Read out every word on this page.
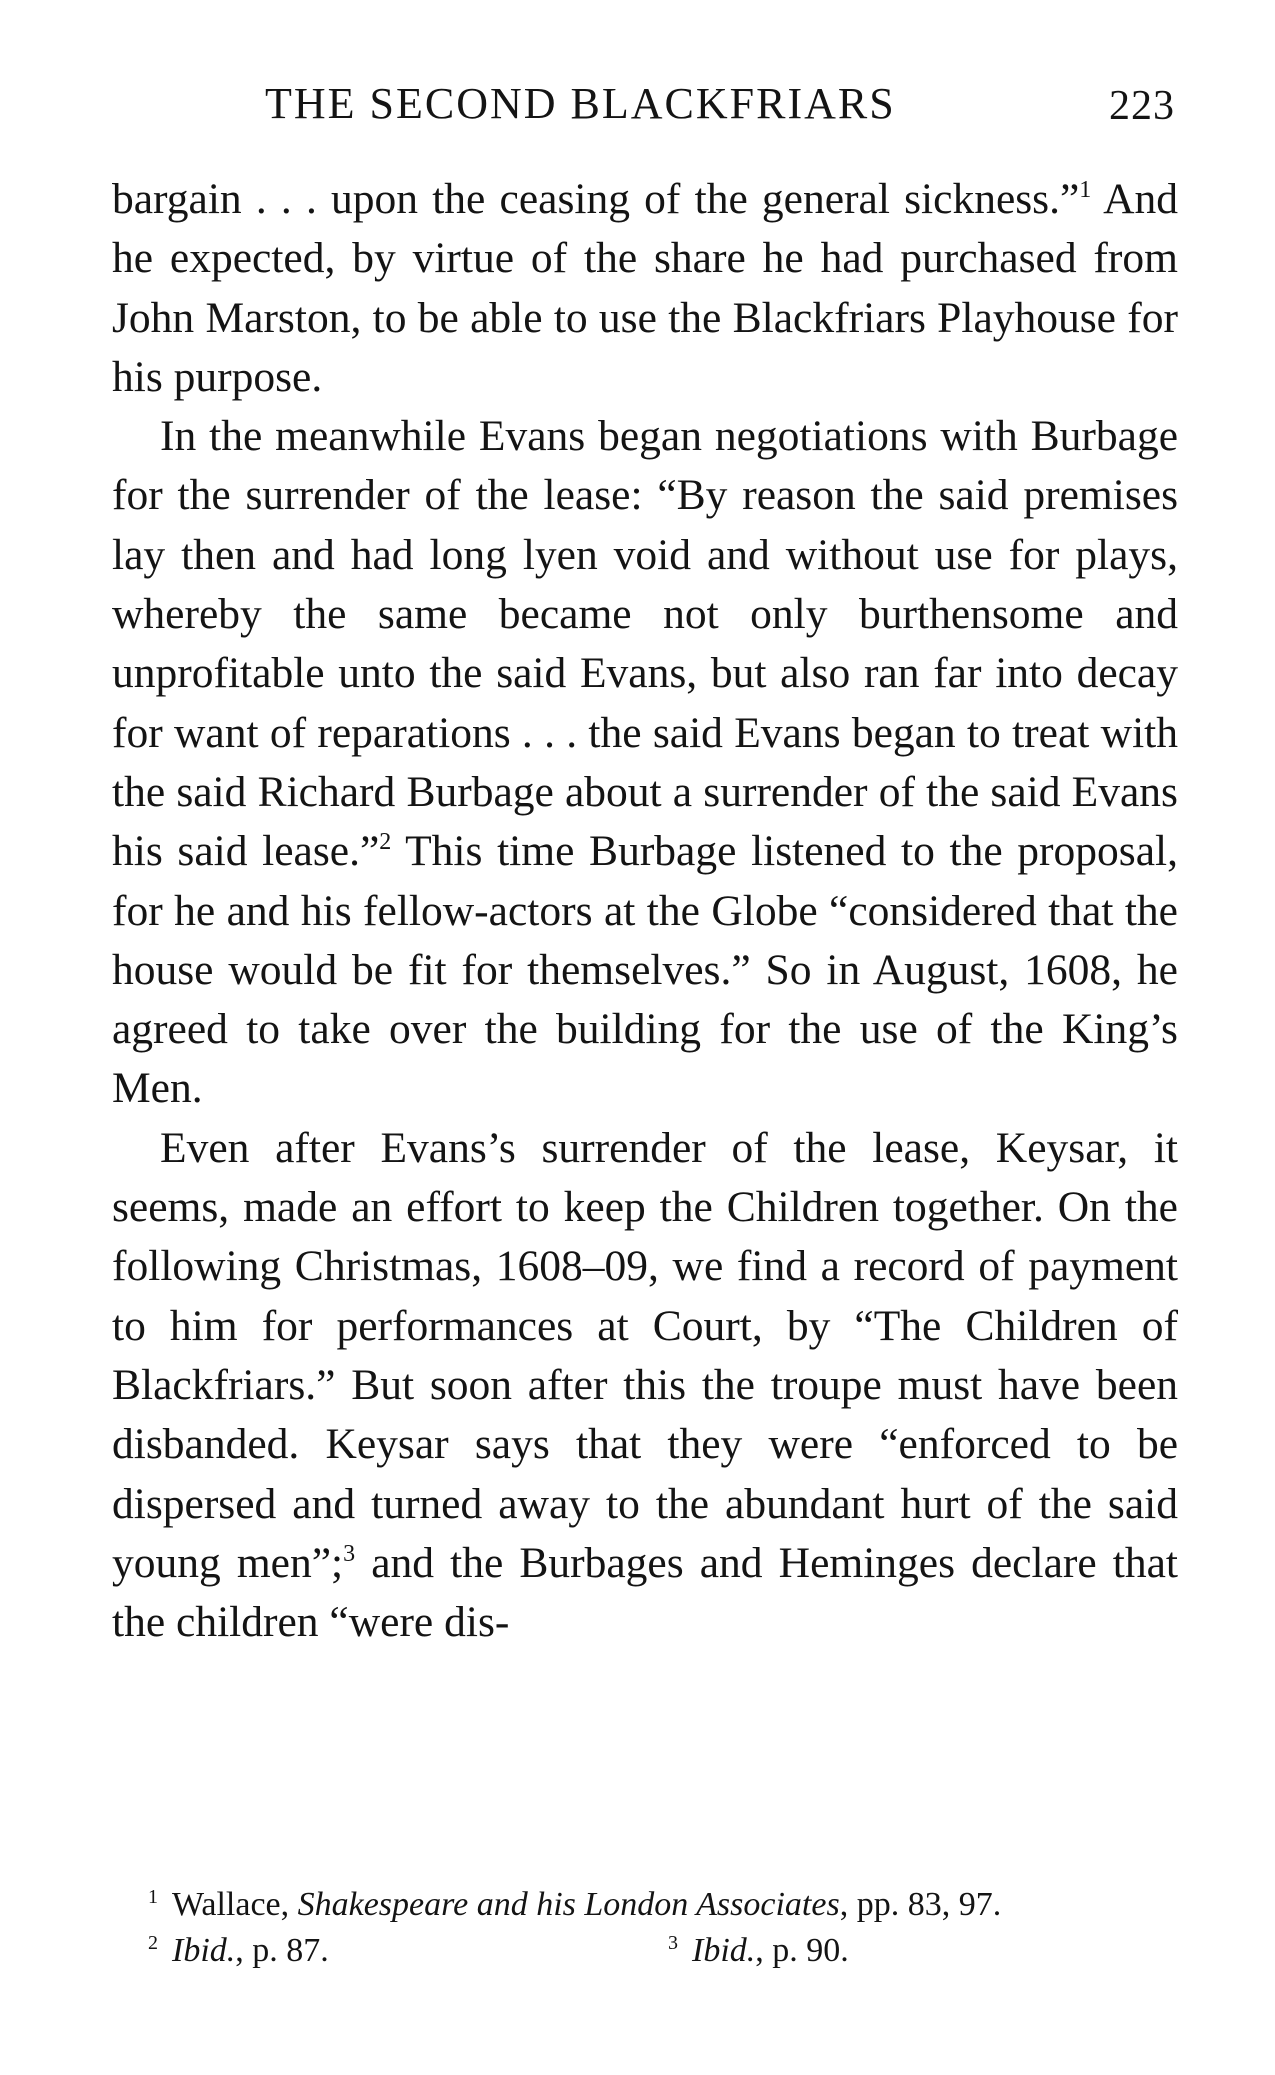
THE SECOND BLACKFRIARS	223

bargain . . . upon the ceasing of the general sickness.”$^1$ And he expected, by virtue of the share he had purchased from John Marston, to be able to use the Blackfriars Playhouse for his purpose.

In the meanwhile Evans began negotiations with Burbage for the surrender of the lease: “By reason the said premises lay then and had long lyen void and without use for plays, whereby the same became not only burthensome and unprofitable unto the said Evans, but also ran far into decay for want of reparations . . . the said Evans began to treat with the said Richard Burbage about a surrender of the said Evans his said lease.”$^2$ This time Burbage listened to the proposal, for he and his fellow-actors at the Globe “considered that the house would be fit for themselves.” So in August, 1608, he agreed to take over the building for the use of the King’s Men.

Even after Evans’s surrender of the lease, Keysar, it seems, made an effort to keep the Children together. On the following Christmas, 1608–09, we find a record of payment to him for performances at Court, by “The Children of Blackfriars.” But soon after this the troupe must have been disbanded. Keysar says that they were “enforced to be dispersed and turned away to the abundant hurt of the said young men”;$^3$ and the Burbages and Heminges declare that the children “were dis-

$^1$ Wallace, Shakespeare and his London Associates, pp. 83, 97.
$^2$ Ibid., p. 87.	$^3$ Ibid., p. 90.
